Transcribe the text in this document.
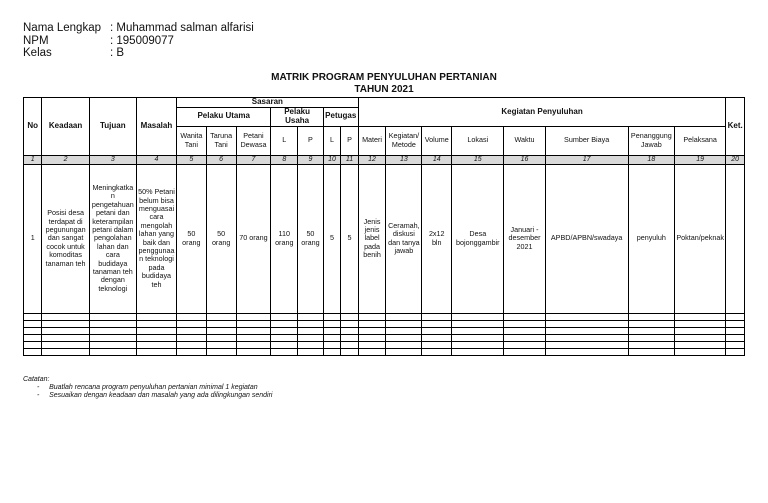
Nama Lengkap : Muhammad salman alfarisi
NPM	: 195009077
Kelas	: B
MATRIK PROGRAM PENYULUHAN PERTANIAN
TAHUN 2021
No	Keadaan	Tujuan	Masalah	Sasaran							Kegiatan Penyuluhan								Ket.
				Pelaku Utama			Pelaku Usaha		Petugas										
				Wanita Tani	Taruna Tani	Petani Dewasa	L	P	L	P	Materi	Kegiatan/ Metode	Volume	Lokasi	Waktu	Sumber Biaya	Penanggung Jawab	Pelaksana	
1	2	3	4	5	6	7	8	9	10	11	12	13	14	15	16	17	18	19	20
1	Posisi desa terdapat di pegunungan dan sangat cocok untuk komoditas tanaman teh	Meningkatkan pengetahuan petani dan keterampilan petani dalam pengolahan lahan dan cara budidaya tanaman teh dengan teknologi	50% Petani belum bisa menguasai cara mengolah lahan yang baik dan penggunaan teknologi pada budidaya teh	50 orang	50 orang	70 orang	110 orang	50 orang	5	5	Jenis jenis label pada benih	Ceramah, diskusi dan tanya jawab	2x12 bln	Desa bojonggambir	Januari - desember 2021	APBD/APBN/swadaya	penyuluh	Poktan/peknak	

Catatan:
- Buatlah rencana program penyuluhan pertanian minimal 1 kegiatan
- Sesuaikan dengan keadaan dan masalah yang ada dilingkungan sendiri
